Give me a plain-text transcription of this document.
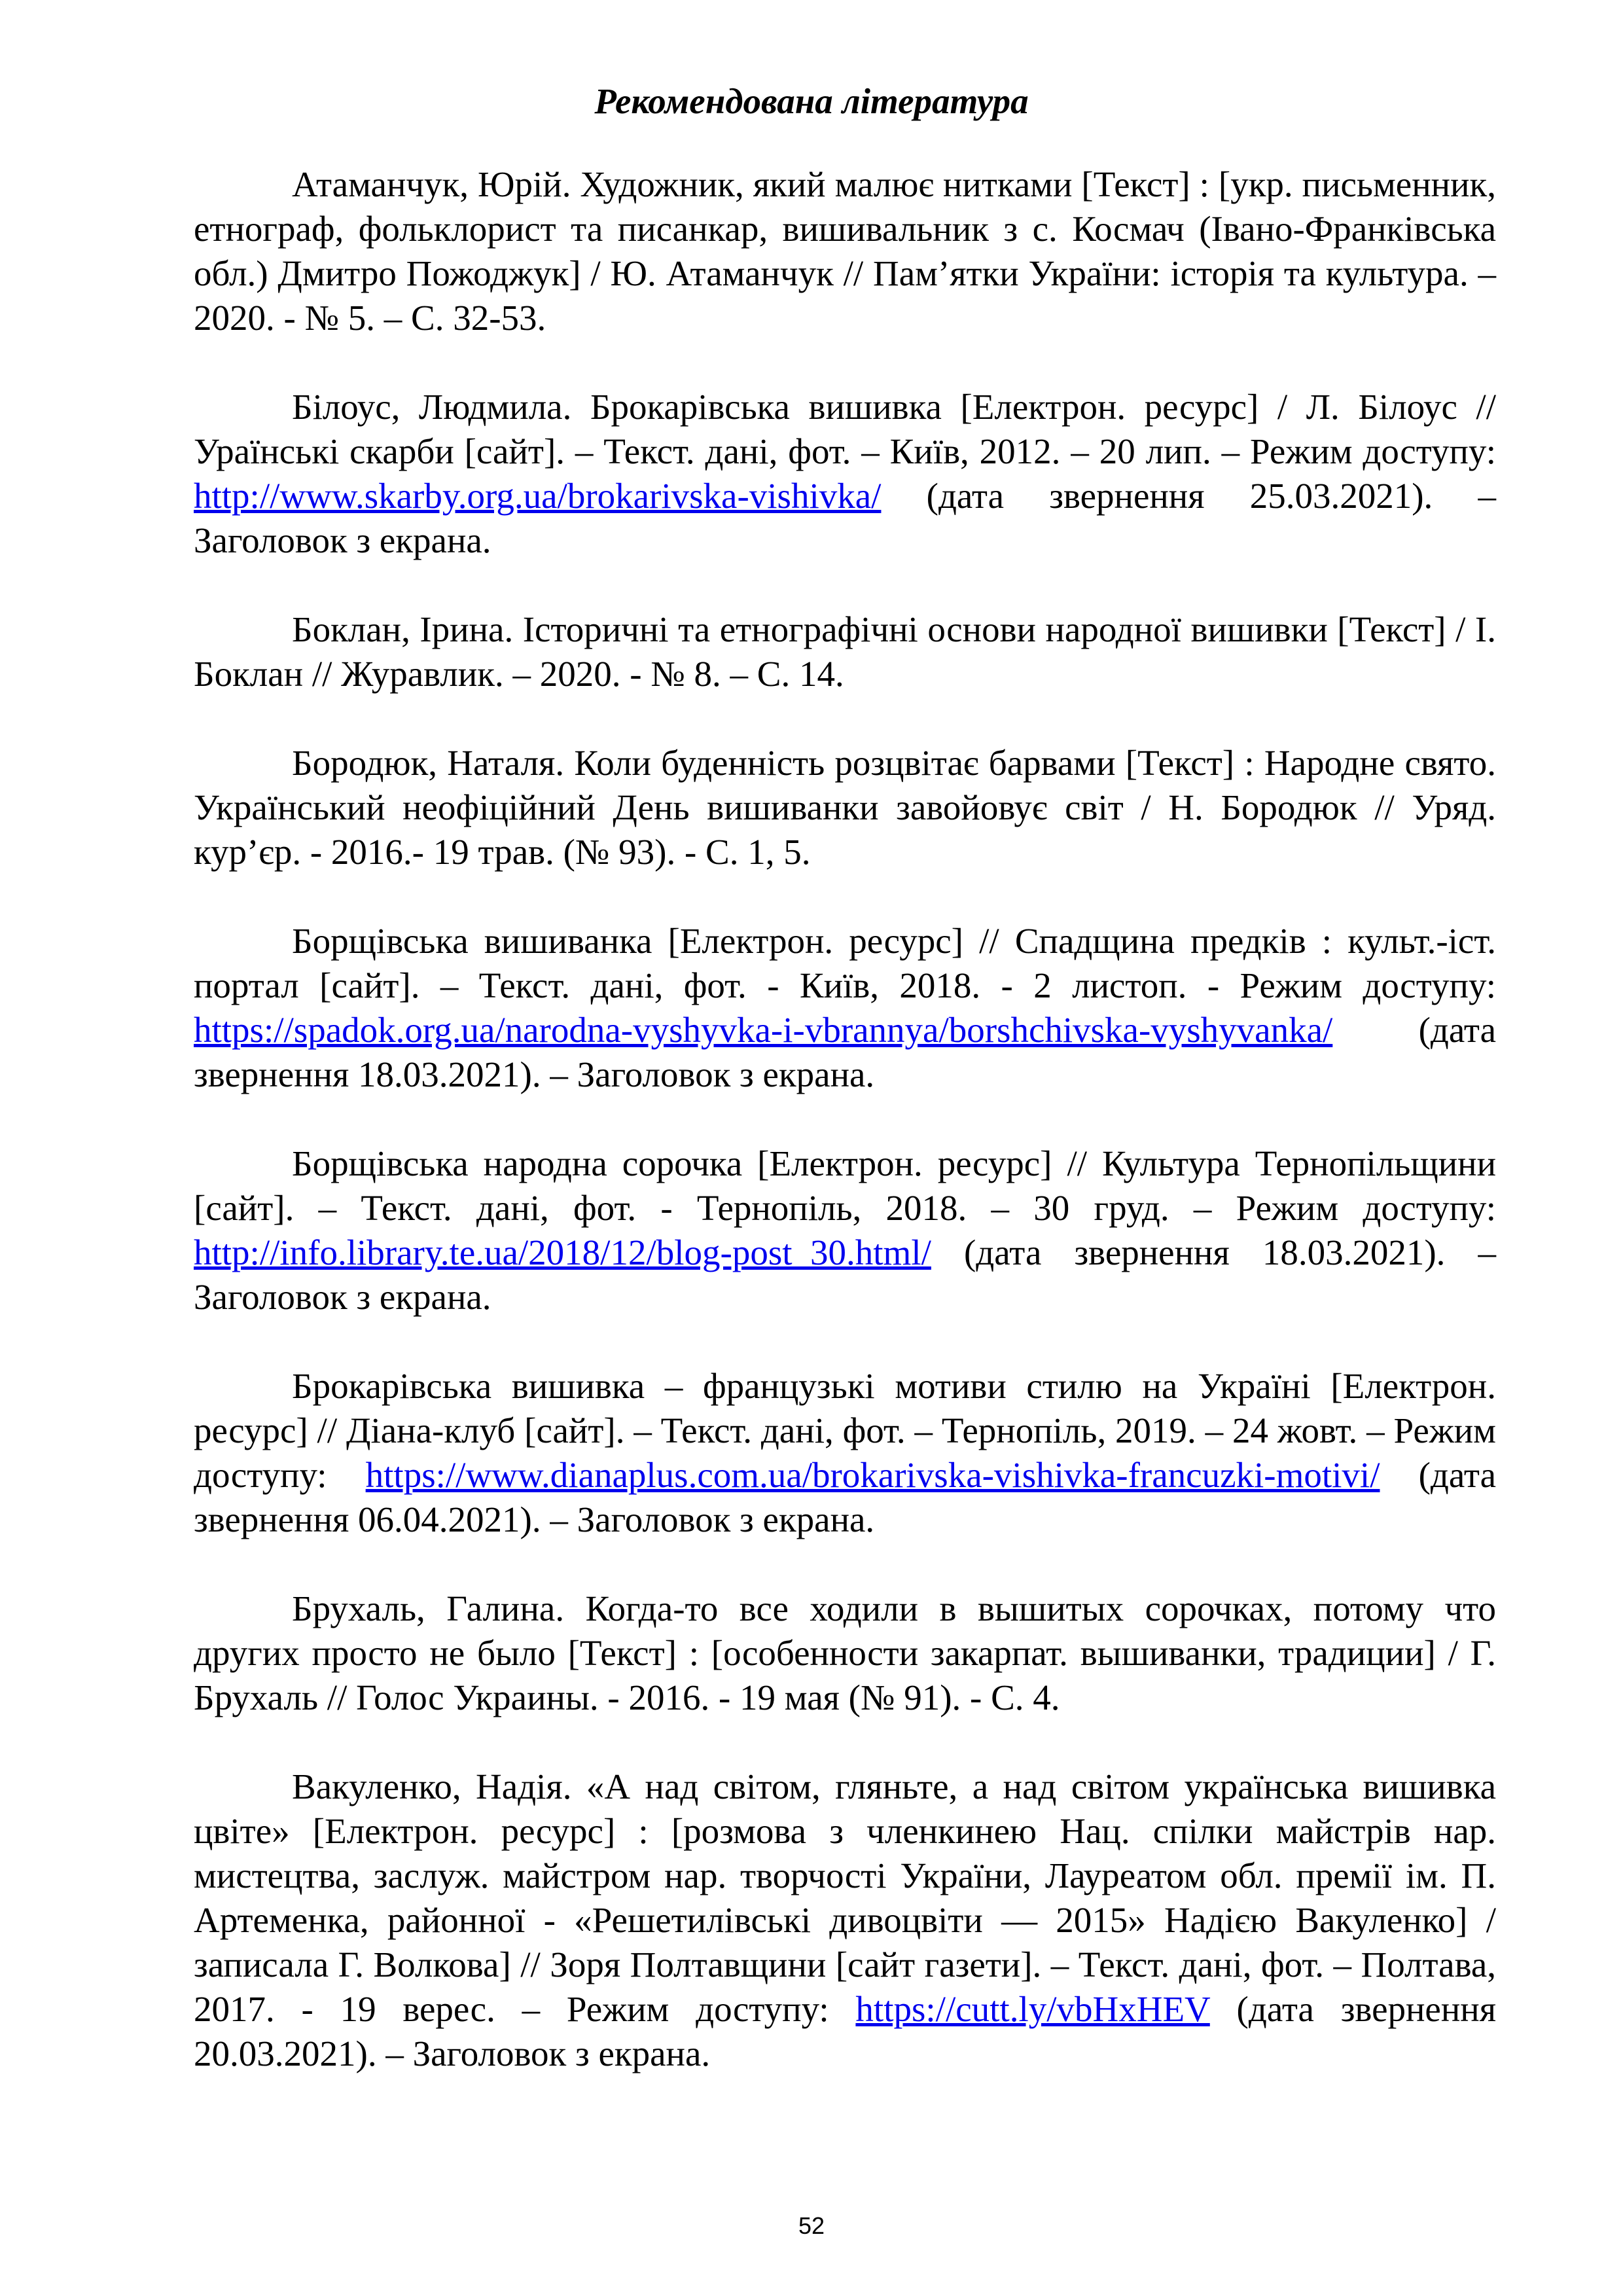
Рекомендована література

Атаманчук, Юрій. Художник, який малює нитками [Текст] : [укр. письменник, етнограф, фольклорист та писанкар, вишивальник з с. Космач (Івано-Франківська обл.) Дмитро Пожоджук] / Ю. Атаманчук // Пам’ятки України: історія та культура. – 2020. - № 5. – С. 32-53.

Білоус, Людмила. Брокарівська вишивка [Електрон. ресурс] / Л. Білоус //Ураїнські скарби [сайт]. – Текст. дані, фот. – Київ, 2012. – 20 лип. – Режим доступу: http://www.skarby.org.ua/brokarivska-vishivka/ (дата звернення 25.03.2021). – Заголовок з екрана.

Боклан, Ірина. Історичні та етнографічні основи народної вишивки [Текст] / І. Боклан // Журавлик. – 2020. - № 8. – С. 14.

Бородюк, Наталя. Коли буденність розцвітає барвами [Текст] : Народне свято. Український неофіційний День вишиванки завойовує світ / Н. Бородюк // Уряд. кур’єр. - 2016.- 19 трав. (№ 93). - С. 1, 5.

Борщівська вишиванка [Електрон. ресурс] // Спадщина предків : культ.-іст. портал [сайт]. – Текст. дані, фот. - Київ, 2018. - 2 листоп. - Режим доступу: https://spadok.org.ua/narodna-vyshyvka-i-vbrannya/borshchivska-vyshyvanka/ (дата звернення 18.03.2021). – Заголовок з екрана.

Борщівська народна сорочка [Електрон. ресурс] // Культура Тернопільщини [сайт]. – Текст. дані, фот. - Тернопіль, 2018. – 30 груд. – Режим доступу: http://info.library.te.ua/2018/12/blog-post_30.html/ (дата звернення 18.03.2021). – Заголовок з екрана.

Брокарівська вишивка – французькі мотиви стилю на Україні [Електрон. ресурс] // Діана-клуб [сайт]. – Текст. дані, фот. – Тернопіль, 2019. – 24 жовт. – Режим доступу: https://www.dianaplus.com.ua/brokarivska-vishivka-francuzki-motivi/ (дата звернення 06.04.2021). – Заголовок з екрана.

Брухаль, Галина. Когда-то все ходили в вышитых сорочках, потому что других просто не было [Текст] : [особенности закарпат. вышиванки, традиции] / Г. Брухаль // Голос Украины. - 2016. - 19 мая (№ 91). - С. 4.

Вакуленко, Надія. «А над світом, гляньте, а над світом українська вишивка цвіте» [Електрон. ресурс] : [розмова з членкинею Нац. спілки майстрів нар. мистецтва, заслуж. майстром нар. творчості України, Лауреатом обл. премії ім. П. Артеменка, районної - «Решетилівські дивоцвіти — 2015» Надією Вакуленко] / записала Г. Волкова] // Зоря Полтавщини [сайт газети]. – Текст. дані, фот. – Полтава, 2017. - 19 верес. – Режим доступу: https://cutt.ly/vbHxHEV (дата звернення 20.03.2021). – Заголовок з екрана.

52
